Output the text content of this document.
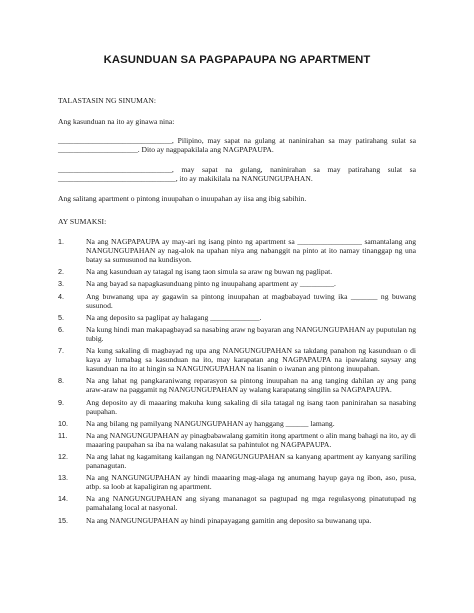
KASUNDUAN SA PAGPAPAUPA NG APARTMENT

TALASTASIN NG SINUMAN:

Ang kasunduan na ito ay ginawa nina:

______________________________, Pilipino, may sapat na gulang at naninirahan sa may patirahang sulat sa _____________________. Dito ay nagpapakilala ang NAGPAPAUPA.

______________________________, may sapat na gulang, naninirahan sa may patirahang sulat sa _______________________________, ito ay makikilala na NANGUNGUPAHAN.

Ang salitang apartment o pintong inuupahan o inuupahan ay iisa ang ibig sabihin.

AY SUMAKSI:

1.	Na ang NAGPAPAUPA ay may-ari ng isang pinto ng apartment sa _________________ samantalang ang NANGUNGUPAHAN ay nag-alok na upahan niya ang nabanggit na pinto at ito namay tinanggap ng una batay sa sumusunod na kundisyon.
2.	Na ang kasunduan ay tatagal ng isang taon simula sa araw ng buwan ng paglipat.
3.	Na ang bayad sa napagkasunduang pinto ng inuupahang apartment ay _________.
4.	Ang buwanang upa ay gagawin sa pintong inuupahan at magbabayad tuwing ika _______ ng buwang susunod.
5.	Na ang deposito sa paglipat ay halagang _____________.
6.	Na kung hindi man makapagbayad sa nasabing araw ng bayaran ang NANGUNGUPAHAN ay puputulan ng tubig.
7.	Na kung sakaling di magbayad ng upa ang NANGUNGUPAHAN sa takdang panahon ng kasunduan o di kaya ay lumabag sa kasunduan na ito, may karapatan ang NAGPAPAUPA na ipawalang saysay ang kasunduan na ito at hingin sa NANGUNGUPAHAN na lisanin o iwanan ang pintong inuupahan.
8.	Na ang lahat ng pangkaraniwang reparasyon sa pintong inuupahan na ang tanging dahilan ay ang pang araw-araw na paggamit ng NANGUNGUPAHAN ay walang karapatang singilin sa NAGPAPAUPA.
9.	Ang deposito ay di maaaring makuha kung sakaling di sila tatagal ng isang taon paninirahan sa nasabing paupahan.
10. Na ang bilang ng pamilyang NANGUNGUPAHAN ay hanggang ______ lamang.
11. Na ang NANGUNGUPAHAN ay pinagbabawalang gamitin itong apartment o alin mang bahagi na ito, ay di maaaring paupahan sa iba na walang nakasulat sa pahintulot ng NAGPAPAUPA.
12. Na ang lahat ng kagamitang kailangan ng NANGUNGUPAHAN sa kanyang apartment ay kanyang sariling pananagutan.
13. Na ang NANGUNGUPAHAN ay hindi maaaring mag-alaga ng anumang hayup gaya ng ibon, aso, pusa, atbp. sa loob at kapaligiran ng apartment.
14. Na ang NANGUNGUPAHAN ang siyang mananagot sa pagtupad ng mga regulasyong pinatutupad ng pamahalang local at nasyonal.
15. Na ang NANGUNGUPAHAN ay hindi pinapayagang gamitin ang deposito sa buwanang upa.
